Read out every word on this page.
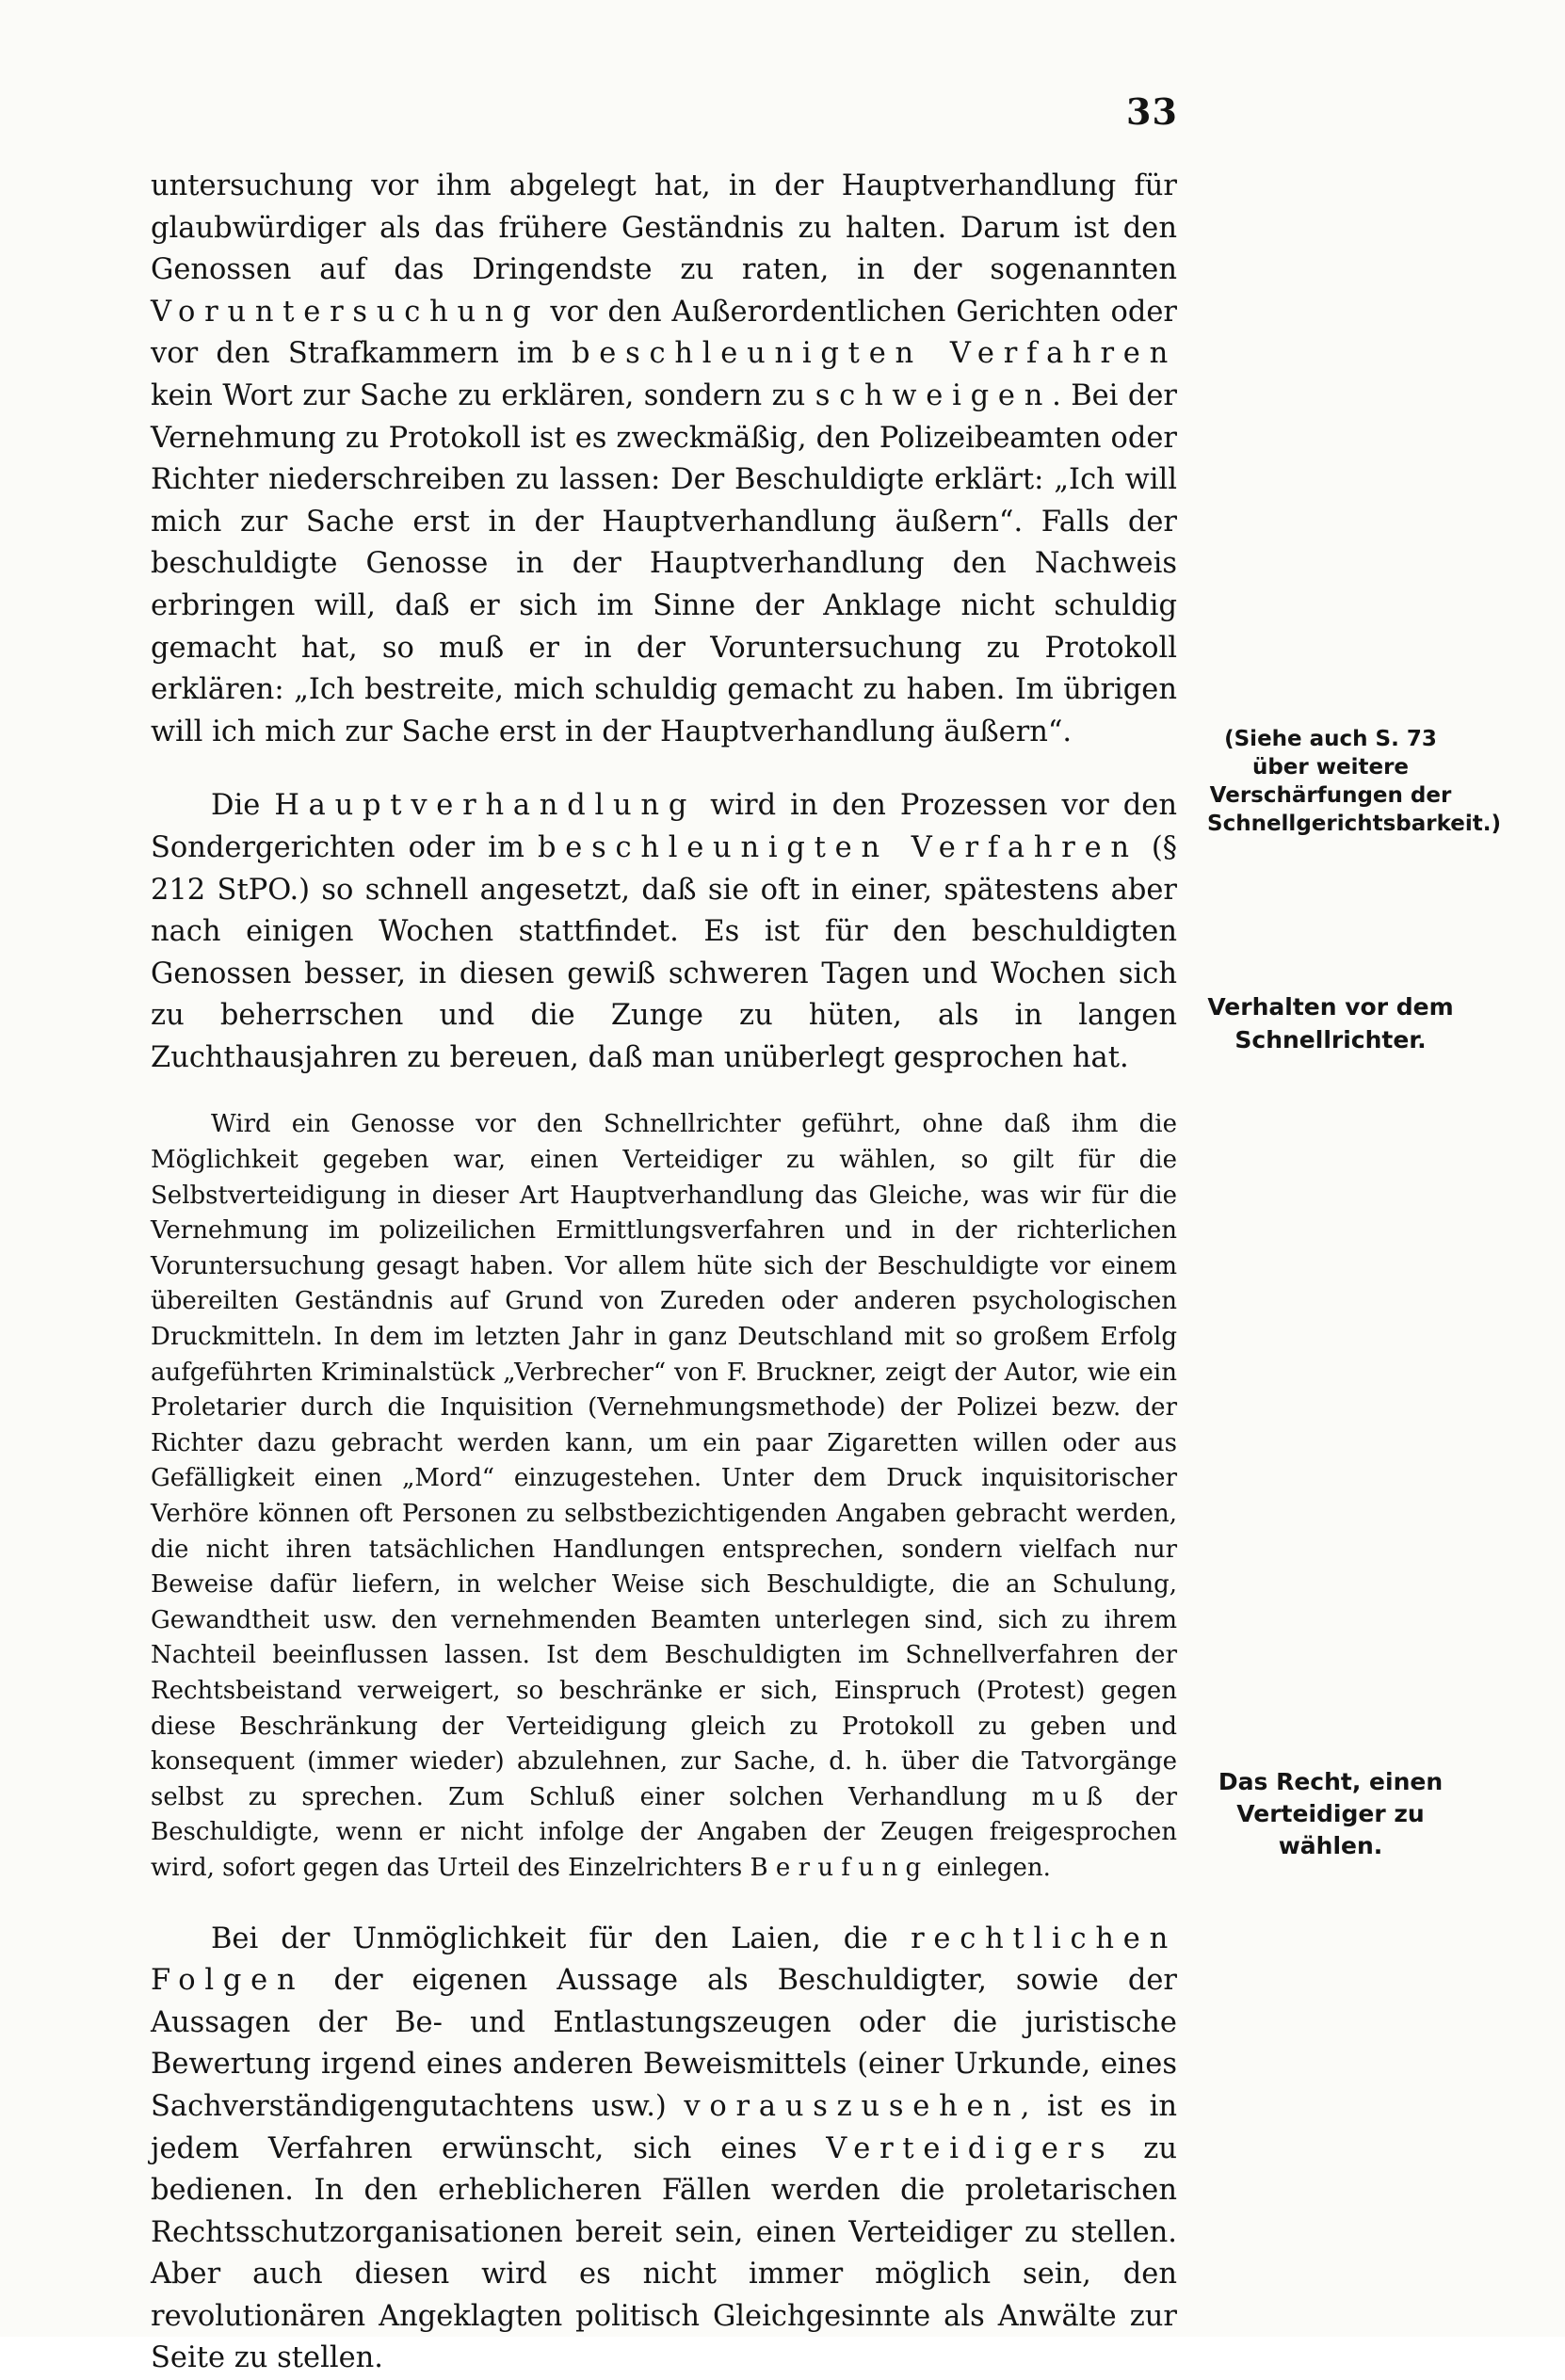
33

untersuchung vor ihm abgelegt hat, in der Hauptverhandlung für glaubwürdiger als das frühere Geständnis zu halten. Darum ist den Genossen auf das Dringendste zu raten, in der sogenannten Voruntersuchung vor den Außerordentlichen Gerichten oder vor den Strafkammern im beschleunigten Verfahren kein Wort zur Sache zu erklären, sondern zu schweigen. Bei der Vernehmung zu Protokoll ist es zweckmäßig, den Polizeibeamten oder Richter niederschreiben zu lassen: Der Beschuldigte erklärt: „Ich will mich zur Sache erst in der Hauptverhandlung äußern“. Falls der beschuldigte Genosse in der Hauptverhandlung den Nachweis erbringen will, daß er sich im Sinne der Anklage nicht schuldig gemacht hat, so muß er in der Voruntersuchung zu Protokoll erklären: „Ich bestreite, mich schuldig gemacht zu haben. Im übrigen will ich mich zur Sache erst in der Hauptverhandlung äußern“.

Die Hauptverhandlung wird in den Prozessen vor den Sondergerichten oder im beschleunigten Verfahren (§ 212 StPO.) so schnell angesetzt, daß sie oft in einer, spätestens aber nach einigen Wochen stattfindet. Es ist für den beschuldigten Genossen besser, in diesen gewiß schweren Tagen und Wochen sich zu beherrschen und die Zunge zu hüten, als in langen Zuchthausjahren zu bereuen, daß man unüberlegt gesprochen hat.

Wird ein Genosse vor den Schnellrichter geführt, ohne daß ihm die Möglichkeit gegeben war, einen Verteidiger zu wählen, so gilt für die Selbstverteidigung in dieser Art Hauptverhandlung das Gleiche, was wir für die Vernehmung im polizeilichen Ermittlungsverfahren und in der richterlichen Voruntersuchung gesagt haben. Vor allem hüte sich der Beschuldigte vor einem übereilten Geständnis auf Grund von Zureden oder anderen psychologischen Druckmitteln. In dem im letzten Jahr in ganz Deutschland mit so großem Erfolg aufgeführten Kriminalstück „Verbrecher“ von F. Bruckner, zeigt der Autor, wie ein Proletarier durch die Inquisition (Vernehmungsmethode) der Polizei bezw. der Richter dazu gebracht werden kann, um ein paar Zigaretten willen oder aus Gefälligkeit einen „Mord“ einzugestehen. Unter dem Druck inquisitorischer Verhöre können oft Personen zu selbstbezichtigenden Angaben gebracht werden, die nicht ihren tatsächlichen Handlungen entsprechen, sondern vielfach nur Beweise dafür liefern, in welcher Weise sich Beschuldigte, die an Schulung, Gewandtheit usw. den vernehmenden Beamten unterlegen sind, sich zu ihrem Nachteil beeinflussen lassen. Ist dem Beschuldigten im Schnellverfahren der Rechtsbeistand verweigert, so beschränke er sich, Einspruch (Protest) gegen diese Beschränkung der Verteidigung gleich zu Protokoll zu geben und konsequent (immer wieder) abzulehnen, zur Sache, d. h. über die Tatvorgänge selbst zu sprechen. Zum Schluß einer solchen Verhandlung muß der Beschuldigte, wenn er nicht infolge der Angaben der Zeugen freigesprochen wird, sofort gegen das Urteil des Einzelrichters Berufung einlegen.

Bei der Unmöglichkeit für den Laien, die rechtlichen Folgen der eigenen Aussage als Beschuldigter, sowie der Aussagen der Be- und Entlastungszeugen oder die juristische Bewertung irgend eines anderen Beweismittels (einer Urkunde, eines Sachverständigengutachtens usw.) vorauszusehen, ist es in jedem Verfahren erwünscht, sich eines Verteidigers zu bedienen. In den erheblicheren Fällen werden die proletarischen Rechtsschutzorganisationen bereit sein, einen Verteidiger zu stellen. Aber auch diesen wird es nicht immer möglich sein, den revolutionären Angeklagten politisch Gleichgesinnte als Anwälte zur Seite zu stellen.

(Siehe auch S. 73 über weitere Verschärfungen der Schnellgerichtsbarkeit.)
Verhalten vor dem Schnellrichter.
Das Recht, einen Verteidiger zu wählen.
